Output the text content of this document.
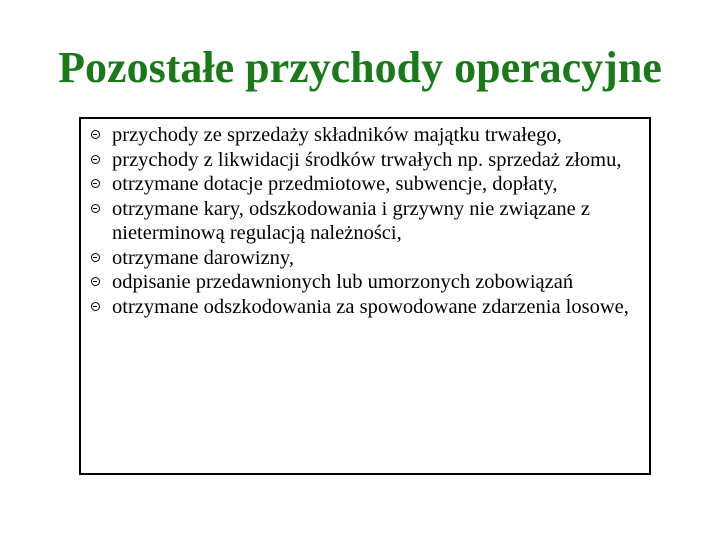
Pozostałe przychody operacyjne
przychody ze sprzedaży składników majątku trwałego,
przychody z likwidacji środków trwałych np. sprzedaż złomu,
otrzymane dotacje przedmiotowe, subwencje, dopłaty,
otrzymane kary, odszkodowania i grzywny nie związane z nieterminową regulacją należności,
otrzymane darowizny,
odpisanie przedawnionych lub umorzonych zobowiązań
otrzymane odszkodowania za spowodowane zdarzenia losowe,
